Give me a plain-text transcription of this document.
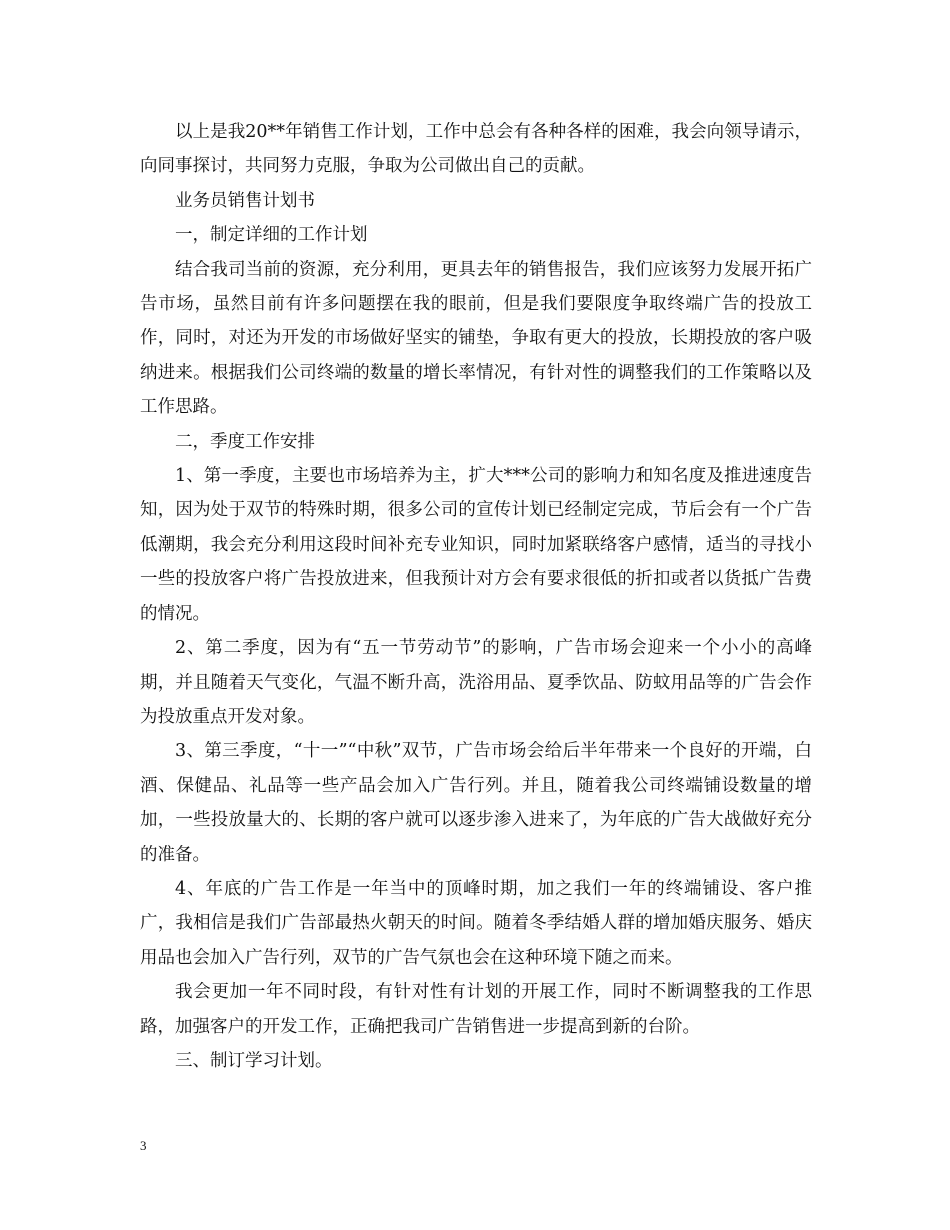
以上是我20**年销售工作计划，工作中总会有各种各样的困难，我会向领导请示，向同事探讨，共同努力克服，争取为公司做出自己的贡献。

业务员销售计划书

一，制定详细的工作计划

结合我司当前的资源，充分利用，更具去年的销售报告，我们应该努力发展开拓广告市场，虽然目前有许多问题摆在我的眼前，但是我们要限度争取终端广告的投放工作，同时，对还为开发的市场做好坚实的铺垫，争取有更大的投放，长期投放的客户吸纳进来。根据我们公司终端的数量的增长率情况，有针对性的调整我们的工作策略以及工作思路。

二，季度工作安排

1、第一季度，主要也市场培养为主，扩大***公司的影响力和知名度及推进速度告知，因为处于双节的特殊时期，很多公司的宣传计划已经制定完成，节后会有一个广告低潮期，我会充分利用这段时间补充专业知识，同时加紧联络客户感情，适当的寻找小一些的投放客户将广告投放进来，但我预计对方会有要求很低的折扣或者以货抵广告费的情况。

2、第二季度，因为有“五一节劳动节”的影响，广告市场会迎来一个小小的高峰期，并且随着天气变化，气温不断升高，洗浴用品、夏季饮品、防蚊用品等的广告会作为投放重点开发对象。

3、第三季度，“十一”“中秋”双节，广告市场会给后半年带来一个良好的开端，白酒、保健品、礼品等一些产品会加入广告行列。并且，随着我公司终端铺设数量的增加，一些投放量大的、长期的客户就可以逐步渗入进来了，为年底的广告大战做好充分的准备。

4、年底的广告工作是一年当中的顶峰时期，加之我们一年的终端铺设、客户推广，我相信是我们广告部最热火朝天的时间。随着冬季结婚人群的增加婚庆服务、婚庆用品也会加入广告行列，双节的广告气氛也会在这种环境下随之而来。

我会更加一年不同时段，有针对性有计划的开展工作，同时不断调整我的工作思路，加强客户的开发工作，正确把我司广告销售进一步提高到新的台阶。

三、制订学习计划。

3
